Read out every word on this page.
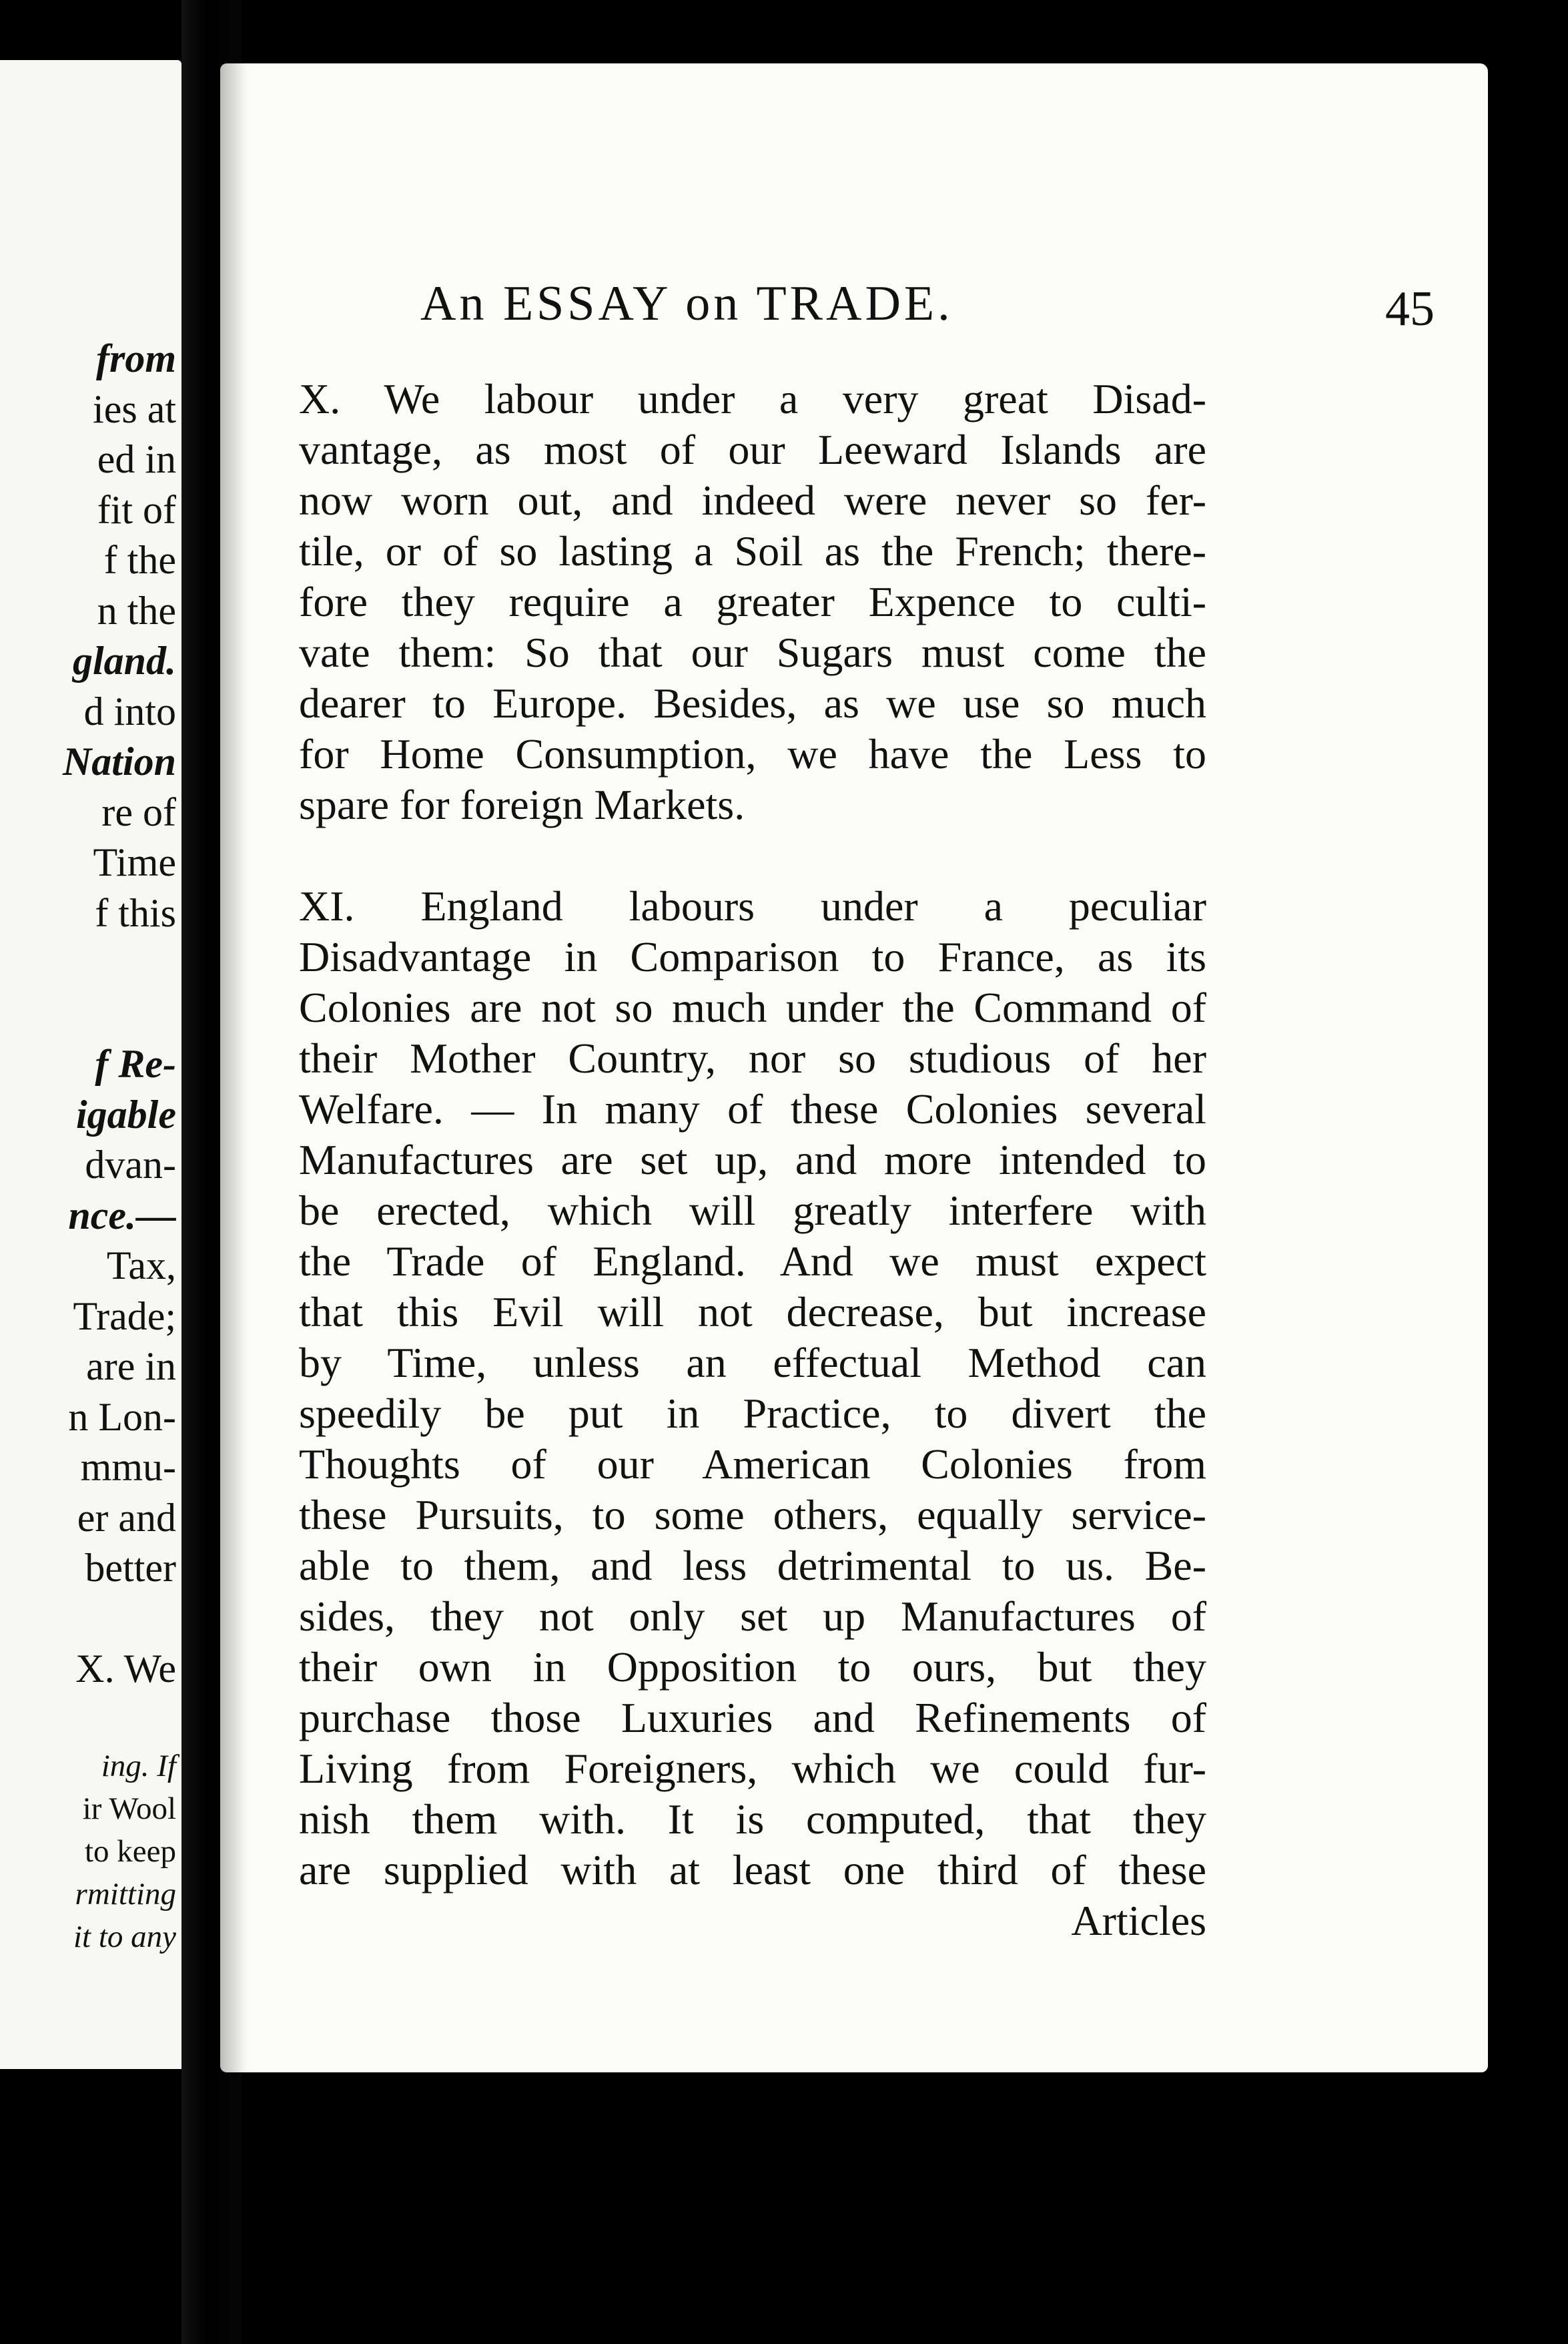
from
ies at
ed in
fit of
f the
n the
gland.
d into
Nation
re of
Time
f this

f Re-
igable
dvan-
nce.—
Tax,
Trade;
are in
n Lon-
mmu-
er and
better

X. We

ing. If
ir Wool
to keep
rmitting
it to any
An ESSAY on TRADE.	45

X. We labour under a very great Disad-
vantage, as most of our Leeward Islands are
now worn out, and indeed were never so fer-
tile, or of so lasting a Soil as the French; there-
fore they require a greater Expence to culti-
vate them: So that our Sugars must come the
dearer to Europe. Besides, as we use so much
for Home Consumption, we have the Less to
spare for foreign Markets.

XI. England labours under a peculiar
Disadvantage in Comparison to France, as its
Colonies are not so much under the Command of
their Mother Country, nor so studious of her
Welfare. — In many of these Colonies several
Manufactures are set up, and more intended to
be erected, which will greatly interfere with
the Trade of England. And we must expect
that this Evil will not decrease, but increase
by Time, unless an effectual Method can
speedily be put in Practice, to divert the
Thoughts of our American Colonies from
these Pursuits, to some others, equally service-
able to them, and less detrimental to us. Be-
sides, they not only set up Manufactures of
their own in Opposition to ours, but they
purchase those Luxuries and Refinements of
Living from Foreigners, which we could fur-
nish them with. It is computed, that they
are supplied with at least one third of these

Articles
